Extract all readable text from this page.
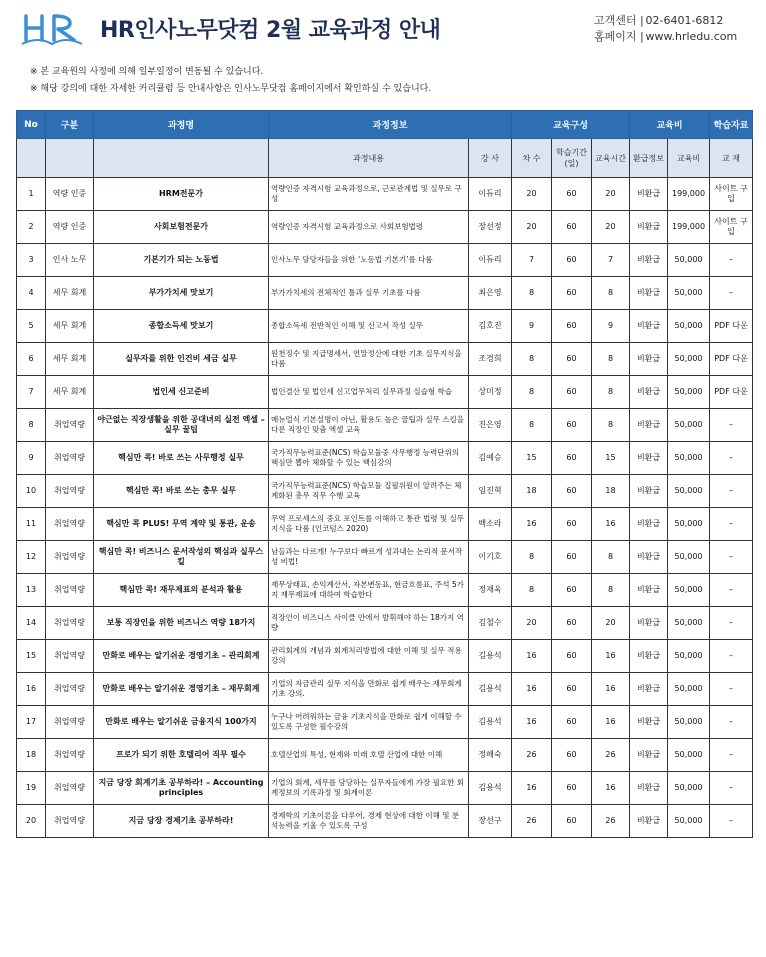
HR
HR인사노무닷컴 2월 교육과정 안내	고객센터 | 02-6401-6812
홈페이지 | www.hrledu.com
※ 본 교육원의 사정에 의해 일부일정이 변동될 수 있습니다.
※ 해당 강의에 대한 자세한 커리큘럼 등 안내사항은 인사노무닷컴 홈페이지에서 확인하실 수 있습니다.
No	구분	과정명	과정정보		교육구성			교육비		학습자료
			과정내용	강 사	차 수	학습기간(일)	교육시간	환급정보	교육비	교 재
1	역량 인증	HRM전문가	역량인증 자격시험 교육과정으로, 근로관계법 및 실무로 구성	이듀리	20	60	20	비환급	199,000	사이트 구입
2	역량 인증	사회보험전문가	역량인증 자격시험 교육과정으로 사회보험법령	장선정	20	60	20	비환급	199,000	사이트 구입
3	인사 노무	기본기가 되는 노동법	인사노무 담당자들을 위한 ‘노동법 기본기’를 다룸	이듀리	7	60	7	비환급	50,000	–
4	세무 회계	부가가치세 맛보기	부가가치세의 전체적인 틀과 실무 기초를 다룸	최은영	8	60	8	비환급	50,000	–
5	세무 회계	종합소득세 맛보기	종합소득세 전반적인 이해 및 신고서 작성 실무	김호진	9	60	9	비환급	50,000	PDF 다운
6	세무 회계	실무자를 위한 인건비 세금 실무	원천징수 및 지급명세서, 연말정산에 대한 기초 실무지식을 다룸	조경희	8	60	8	비환급	50,000	PDF 다운
7	세무 회계	법인세 신고준비	법인결산 및 법인세 신고업무처리 실무과정 실습형 학습	상미정	8	60	8	비환급	50,000	PDF 다운
8	취업역량	야근없는 직장생활을 위한 공대녀의 실전 엑셀 –실무 꿀팁	메뉴얼식 기본설명이 아닌, 활용도 높은 꿀팁과 실무 스킬을 다룬 직장인 맞춤 엑셀 교육	진은영	8	60	8	비환급	50,000	–
9	취업역량	핵심만 콕! 바로 쓰는 사무행정 실무	국가직무능력표준(NCS) 학습모듈중 사무행정 능력단위의 핵심만 뽑아 체화할 수 있는 핵심강의	김예승	15	60	15	비환급	50,000	–
10	취업역량	핵심만 콕! 바로 쓰는 총무 실무	국가직무능력표준(NCS) 학습모듈 집필위원이 알려주는 체계화된 총무 직무 수행 교육	임진혁	18	60	18	비환급	50,000	–
11	취업역량	핵심만 콕 PLUS! 무역 계약 및 통관, 운송	무역 프로세스의 중요 포인트를 이해하고 통관 법령 및 실무 지식을 다룸 (인코텀스 2020)	백소라	16	60	16	비환급	50,000	–
12	취업역량	핵심만 콕! 비즈니스 문서작성의 핵심과 실무스킬	남들과는 다르게! 누구보다 빠르게 성과내는 논리적 문서작성 비법!	이기호	8	60	8	비환급	50,000	–
13	취업역량	핵심만 콕! 재무제표의 분석과 활용	재무상태표, 손익계산서, 자본변동표, 현금흐름표, 주석 5가지 재무제표에 대하여 학습한다	정재욱	8	60	8	비환급	50,000	–
14	취업역량	보통 직장인을 위한 비즈니스 역량 18가지	직장인이 비즈니스 사이클 안에서 발휘해야 하는 18가지 역량	김철수	20	60	20	비환급	50,000	–
15	취업역량	만화로 배우는 알기쉬운 경영기초 – 관리회계	관리회계의 개념과 회계처리방법에 대한 이해 및 실무 적용 강의	김용석	16	60	16	비환급	50,000	–
16	취업역량	만화로 배우는 알기쉬운 경영기초 – 재무회계	기업의 자금관리 실무 지식을 만화로 쉽게 배우는 재무회계 기초 강의.	김용석	16	60	16	비환급	50,000	–
17	취업역량	만화로 배우는 알기쉬운 금융지식 100가지	누구나 어려워하는 금융 기초지식을 만화로 쉽게 이해할 수 있도록 구성한 필수강의	김용석	16	60	16	비환급	50,000	–
18	취업역량	프로가 되기 위한 호텔리어 직무 필수	호텔산업의 특성, 현재와 미래 호텔 산업에 대한 이해	정해숙	26	60	26	비환급	50,000	–
19	취업역량	지금 당장 회계기초 공부하라! – Accounting principles	기업의 회계, 세무를 담당하는 실무자들에게 가장 필요한 회계정보의 기록과정 및 회계이론	김용석	16	60	16	비환급	50,000	–
20	취업역량	지금 당장 경제기초 공부하라!	경제학의 기초이론을 다루어, 경제 현상에 대한 이해 및 분석능력을 키울 수 있도록 구성	장선구	26	60	26	비환급	50,000	–
